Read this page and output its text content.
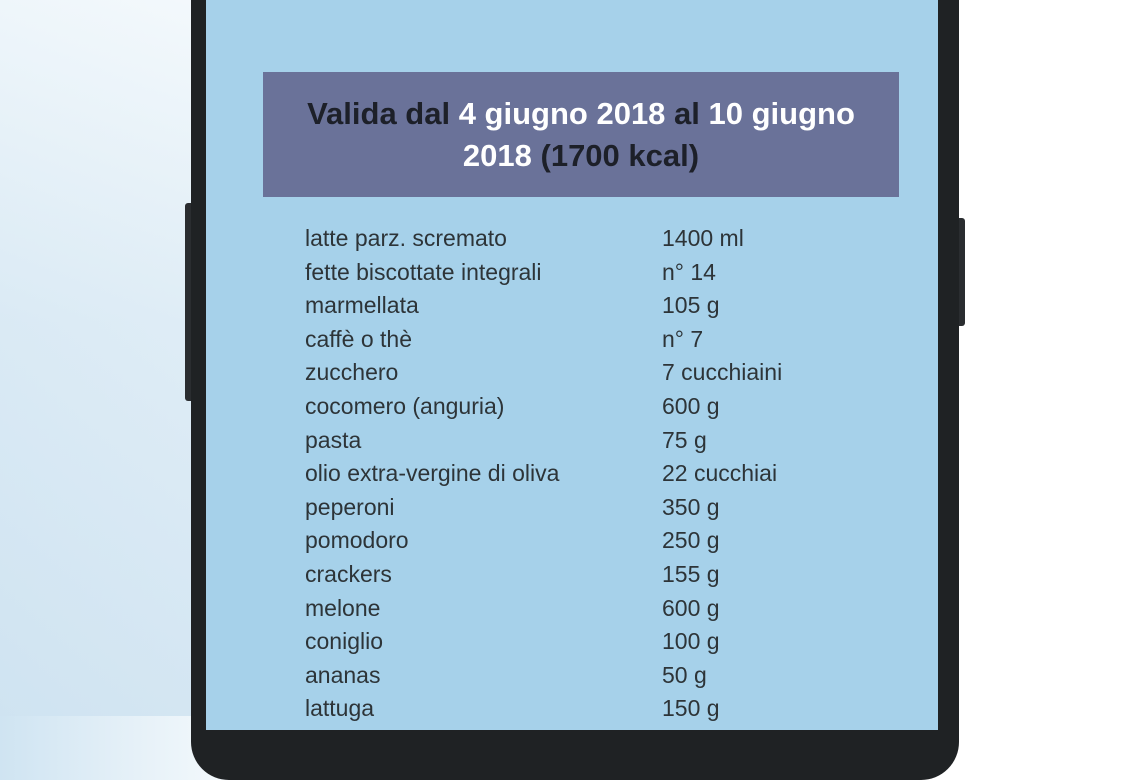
Valida dal 4 giugno 2018 al 10 giugno
2018 (1700 kcal)
latte parz. scremato	1400 ml
fette biscottate integrali	n° 14
marmellata	105 g
caffè o thè	n° 7
zucchero	7 cucchiaini
cocomero (anguria)	600 g
pasta	75 g
olio extra-vergine di oliva	22 cucchiai
peperoni	350 g
pomodoro	250 g
crackers	155 g
melone	600 g
coniglio	100 g
ananas	50 g
lattuga	150 g
